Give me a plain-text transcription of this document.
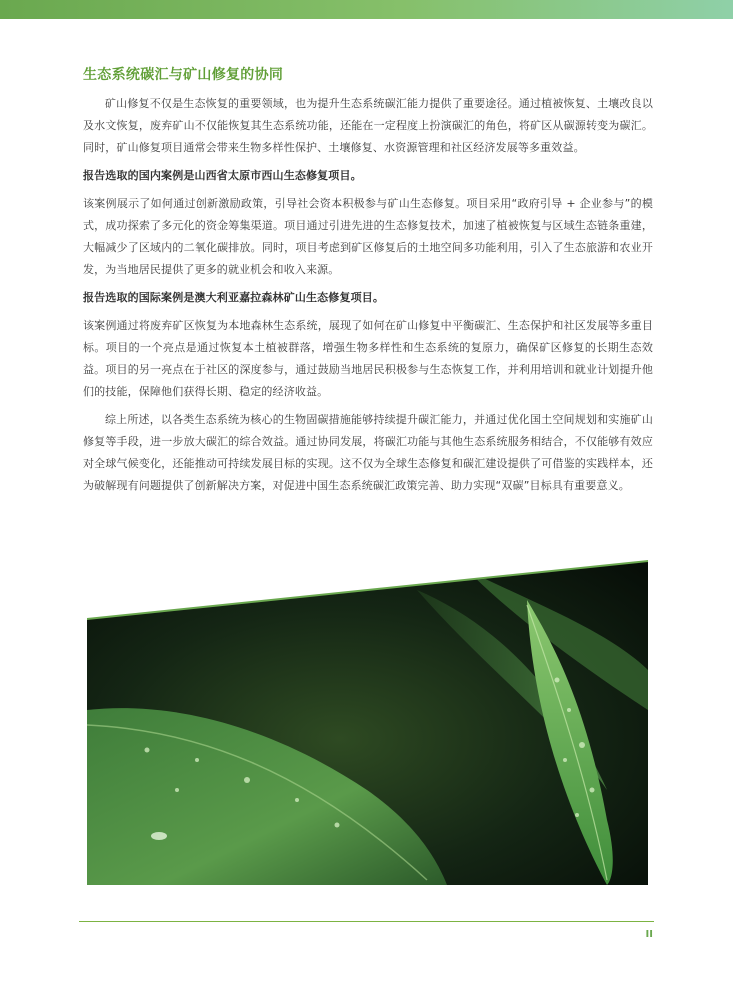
生态系统碳汇与矿山修复的协同

矿山修复不仅是生态恢复的重要领域，也为提升生态系统碳汇能力提供了重要途径。通过植被恢复、土壤改良以及水文恢复，废弃矿山不仅能恢复其生态系统功能，还能在一定程度上扮演碳汇的角色，将矿区从碳源转变为碳汇。同时，矿山修复项目通常会带来生物多样性保护、土壤修复、水资源管理和社区经济发展等多重效益。

报告选取的国内案例是山西省太原市西山生态修复项目。

该案例展示了如何通过创新激励政策，引导社会资本积极参与矿山生态修复。项目采用“政府引导 + 企业参与”的模式，成功探索了多元化的资金筹集渠道。项目通过引进先进的生态修复技术，加速了植被恢复与区域生态链条重建，大幅减少了区域内的二氧化碳排放。同时，项目考虑到矿区修复后的土地空间多功能利用，引入了生态旅游和农业开发，为当地居民提供了更多的就业机会和收入来源。

报告选取的国际案例是澳大利亚嘉拉森林矿山生态修复项目。

该案例通过将废弃矿区恢复为本地森林生态系统，展现了如何在矿山修复中平衡碳汇、生态保护和社区发展等多重目标。项目的一个亮点是通过恢复本土植被群落，增强生物多样性和生态系统的复原力，确保矿区修复的长期生态效益。项目的另一亮点在于社区的深度参与，通过鼓励当地居民积极参与生态恢复工作，并利用培训和就业计划提升他们的技能，保障他们获得长期、稳定的经济收益。

综上所述，以各类生态系统为核心的生物固碳措施能够持续提升碳汇能力，并通过优化国土空间规划和实施矿山修复等手段，进一步放大碳汇的综合效益。通过协同发展，将碳汇功能与其他生态系统服务相结合，不仅能够有效应对全球气候变化，还能推动可持续发展目标的实现。这不仅为全球生态修复和碳汇建设提供了可借鉴的实践样本，还为破解现有问题提供了创新解决方案，对促进中国生态系统碳汇政策完善、助力实现“双碳”目标具有重要意义。

II
